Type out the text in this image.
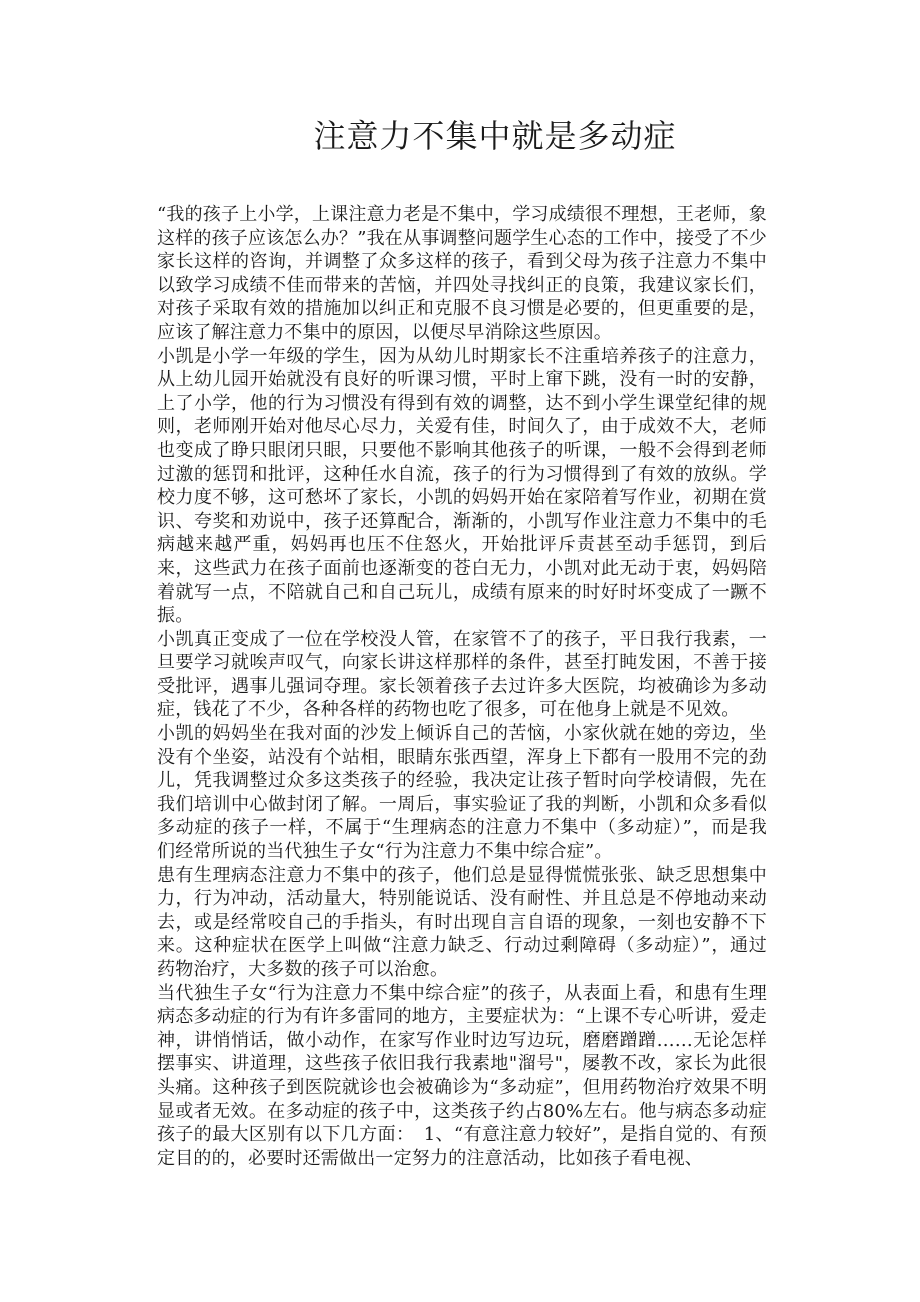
注意力不集中就是多动症

“我的孩子上小学，上课注意力老是不集中，学习成绩很不理想，王老师，象这样的孩子应该怎么办？”我在从事调整问题学生心态的工作中，接受了不少家长这样的咨询，并调整了众多这样的孩子，看到父母为孩子注意力不集中以致学习成绩不佳而带来的苦恼，并四处寻找纠正的良策，我建议家长们，对孩子采取有效的措施加以纠正和克服不良习惯是必要的，但更重要的是，应该了解注意力不集中的原因，以便尽早消除这些原因。

小凯是小学一年级的学生，因为从幼儿时期家长不注重培养孩子的注意力，从上幼儿园开始就没有良好的听课习惯，平时上窜下跳，没有一时的安静，上了小学，他的行为习惯没有得到有效的调整，达不到小学生课堂纪律的规则，老师刚开始对他尽心尽力，关爱有佳，时间久了，由于成效不大，老师也变成了睁只眼闭只眼，只要他不影响其他孩子的听课，一般不会得到老师过激的惩罚和批评，这种任水自流，孩子的行为习惯得到了有效的放纵。学校力度不够，这可愁坏了家长，小凯的妈妈开始在家陪着写作业，初期在赏识、夸奖和劝说中，孩子还算配合，渐渐的，小凯写作业注意力不集中的毛病越来越严重，妈妈再也压不住怒火，开始批评斥责甚至动手惩罚，到后来，这些武力在孩子面前也逐渐变的苍白无力，小凯对此无动于衷，妈妈陪着就写一点，不陪就自己和自己玩儿，成绩有原来的时好时坏变成了一蹶不振。

小凯真正变成了一位在学校没人管，在家管不了的孩子，平日我行我素，一旦要学习就唉声叹气，向家长讲这样那样的条件，甚至打盹发困，不善于接受批评，遇事儿强词夺理。家长领着孩子去过许多大医院，均被确诊为多动症，钱花了不少，各种各样的药物也吃了很多，可在他身上就是不见效。

小凯的妈妈坐在我对面的沙发上倾诉自己的苦恼，小家伙就在她的旁边，坐没有个坐姿，站没有个站相，眼睛东张西望，浑身上下都有一股用不完的劲儿，凭我调整过众多这类孩子的经验，我决定让孩子暂时向学校请假，先在我们培训中心做封闭了解。一周后，事实验证了我的判断，小凯和众多看似多动症的孩子一样，不属于“生理病态的注意力不集中（多动症）”，而是我们经常所说的当代独生子女“行为注意力不集中综合症”。

患有生理病态注意力不集中的孩子，他们总是显得慌慌张张、缺乏思想集中力，行为冲动，活动量大，特别能说话、没有耐性、并且总是不停地动来动去，或是经常咬自己的手指头，有时出现自言自语的现象，一刻也安静不下来。这种症状在医学上叫做“注意力缺乏、行动过剩障碍（多动症）”，通过药物治疗，大多数的孩子可以治愈。

当代独生子女“行为注意力不集中综合症”的孩子，从表面上看，和患有生理病态多动症的行为有许多雷同的地方，主要症状为：“上课不专心听讲，爱走神，讲悄悄话，做小动作，在家写作业时边写边玩，磨磨蹭蹭……无论怎样摆事实、讲道理，这些孩子依旧我行我素地"溜号"，屡教不改，家长为此很头痛。这种孩子到医院就诊也会被确诊为“多动症”，但用药物治疗效果不明显或者无效。在多动症的孩子中，这类孩子约占80%左右。他与病态多动症孩子的最大区别有以下几方面：　1、“有意注意力较好”，是指自觉的、有预定目的的，必要时还需做出一定努力的注意活动，比如孩子看电视、
